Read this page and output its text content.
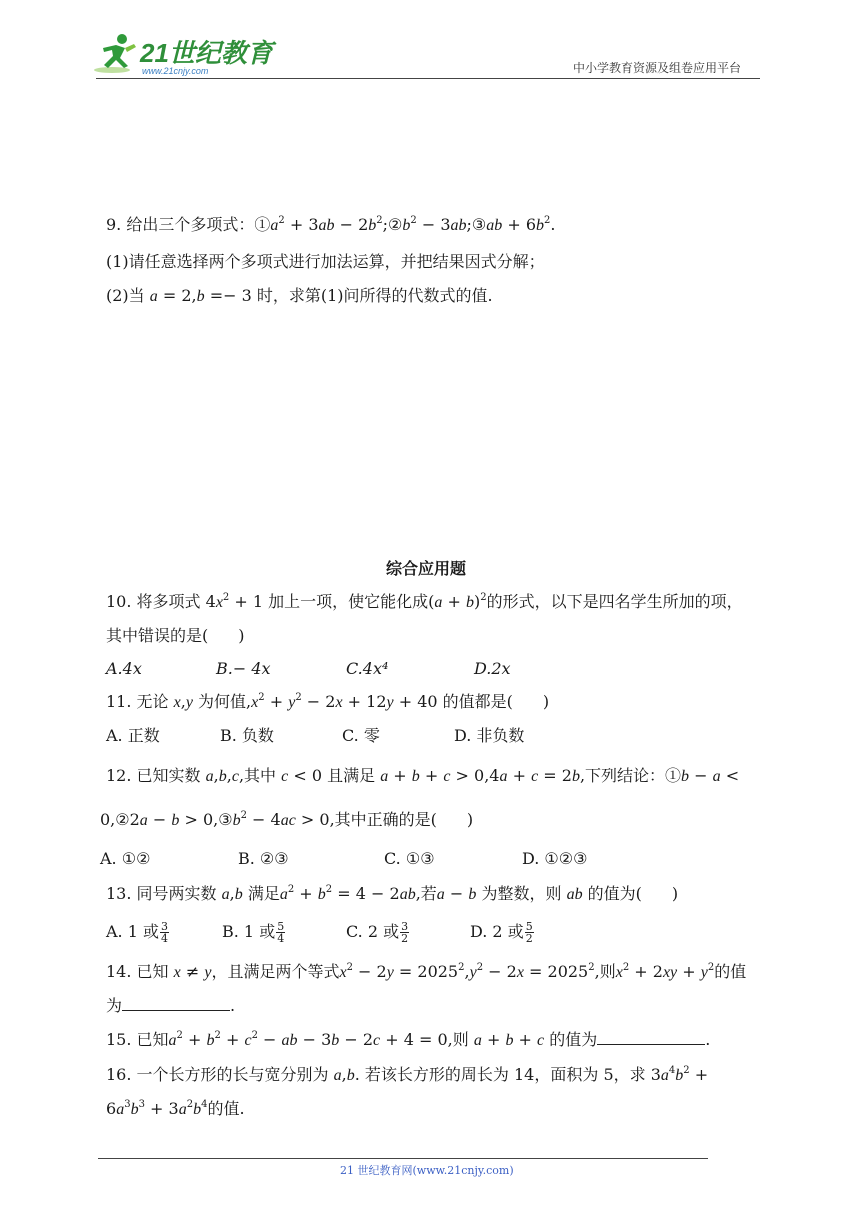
21世纪教育
www.21cnjy.com	中小学教育资源及组卷应用平台
9. 给出三个多项式：$①a^2 + 3ab$ − $2b^2;②b^2$ − 3ab;③ab + $6b^2$.
(1)请任意选择两个多项式进行加法运算，并把结果因式分解；
(2)当 a = 2,b =− 3 时，求第(1)问所得的代数式的值.
综合应用题
10. 将多项式 $4x^2 + 1$ 加上一项，使它能化成$(a + b)^2$的形式，以下是四名学生所加的项，
其中错误的是( )
A.4x	B.− 4x	C.4x⁴	D.2x
11. 无论 x,y 为何值$,x^2 + y^2 - 2x + 12y + 40$ 的值都是( )
A. 正数	B. 负数	C. 零	D. 非负数
12. 已知实数 a,b,c,其中 c < 0 且满足 a + b + c > 0,4a + c = 2b,下列结论：①b − a <
0,②2a − $b > 0,③b^2 - 4ac > 0$,其中正确的是( )
A. ①②	B. ②③	C. ①③	D. ①②③
13. 同号两实数 a,b 满足$a^2 + b^2 = 4 - 2ab$,若a − b 为整数，则 ab 的值为( )
A. 1 或 $\frac{3}{4}$	B. 1 或 $\frac{5}{4}$	C. 2 或 $\frac{3}{2}$	D. 2 或 $\frac{5}{2}$
14. 已知 x ≠ y，且满足两个等式$x^2 - 2y = 2025^2,y^2 - 2x = 2025^2$,则$x^2 + 2xy + y^2$的值
为	.
15. 已知$a^2 + b^2 + c^2$ − ab − 3b − 2c + 4 = 0,则 a + b + c 的值为	.
16. 一个长方形的长与宽分别为 a,b. 若该长方形的周长为 14，面积为 5，求 $3a^4b^2$ +
$6a^3b^3 + 3a^2b^4$的值.
21 世纪教育网(www.21cnjy.com)
